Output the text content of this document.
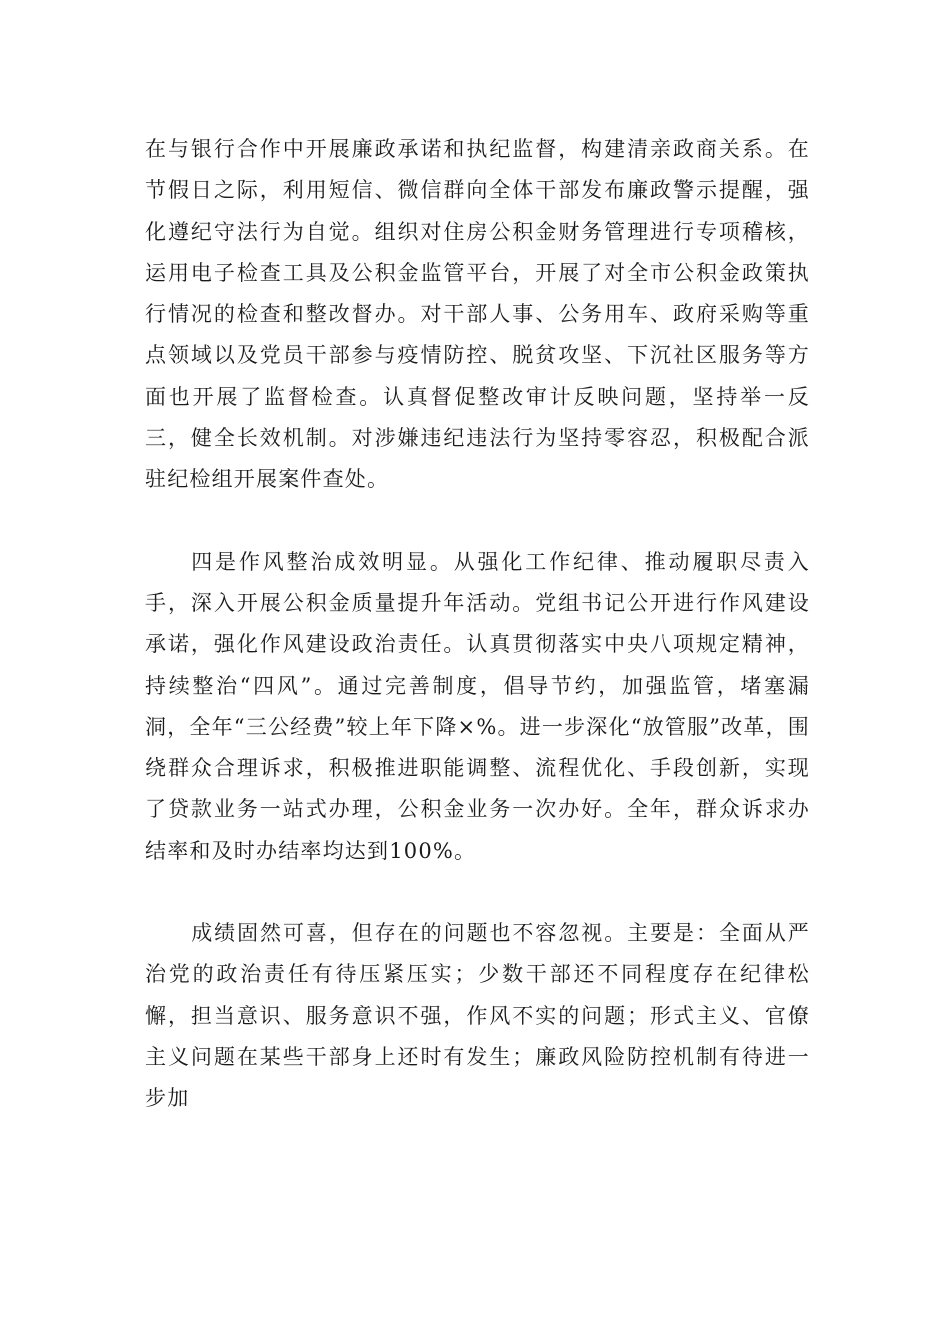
在与银行合作中开展廉政承诺和执纪监督，构建清亲政商关系。在节假日之际，利用短信、微信群向全体干部发布廉政警示提醒，强化遵纪守法行为自觉。组织对住房公积金财务管理进行专项稽核，运用电子检查工具及公积金监管平台，开展了对全市公积金政策执行情况的检查和整改督办。对干部人事、公务用车、政府采购等重点领域以及党员干部参与疫情防控、脱贫攻坚、下沉社区服务等方面也开展了监督检查。认真督促整改审计反映问题，坚持举一反三，健全长效机制。对涉嫌违纪违法行为坚持零容忍，积极配合派驻纪检组开展案件查处。

四是作风整治成效明显。从强化工作纪律、推动履职尽责入手，深入开展公积金质量提升年活动。党组书记公开进行作风建设承诺，强化作风建设政治责任。认真贯彻落实中央八项规定精神，持续整治“四风”。通过完善制度，倡导节约，加强监管，堵塞漏洞，全年“三公经费”较上年下降×%。进一步深化“放管服”改革，围绕群众合理诉求，积极推进职能调整、流程优化、手段创新，实现了贷款业务一站式办理，公积金业务一次办好。全年，群众诉求办结率和及时办结率均达到100%。

成绩固然可喜，但存在的问题也不容忽视。主要是：全面从严治党的政治责任有待压紧压实；少数干部还不同程度存在纪律松懈，担当意识、服务意识不强，作风不实的问题；形式主义、官僚主义问题在某些干部身上还时有发生；廉政风险防控机制有待进一步加
